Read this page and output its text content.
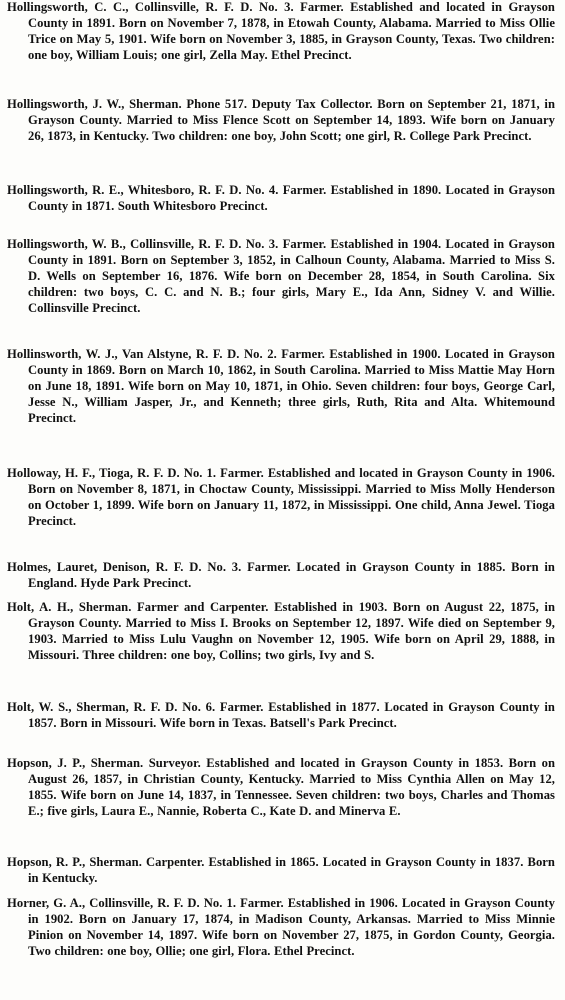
Hollingsworth, C. C., Collinsville, R. F. D. No. 3. Farmer. Established and located in Grayson County in 1891. Born on November 7, 1878, in Etowah County, Alabama. Married to Miss Ollie Trice on May 5, 1901. Wife born on November 3, 1885, in Grayson County, Texas. Two children: one boy, William Louis; one girl, Zella May. Ethel Precinct.

Hollingsworth, J. W., Sherman. Phone 517. Deputy Tax Collector. Born on September 21, 1871, in Grayson County. Married to Miss Flence Scott on September 14, 1893. Wife born on January 26, 1873, in Kentucky. Two children: one boy, John Scott; one girl, R. College Park Precinct.

Hollingsworth, R. E., Whitesboro, R. F. D. No. 4. Farmer. Established in 1890. Located in Grayson County in 1871. South Whitesboro Precinct.

Hollingsworth, W. B., Collinsville, R. F. D. No. 3. Farmer. Established in 1904. Located in Grayson County in 1891. Born on September 3, 1852, in Calhoun County, Alabama. Married to Miss S. D. Wells on September 16, 1876. Wife born on December 28, 1854, in South Carolina. Six children: two boys, C. C. and N. B.; four girls, Mary E., Ida Ann, Sidney V. and Willie. Collinsville Precinct.

Hollinsworth, W. J., Van Alstyne, R. F. D. No. 2. Farmer. Established in 1900. Located in Grayson County in 1869. Born on March 10, 1862, in South Carolina. Married to Miss Mattie May Horn on June 18, 1891. Wife born on May 10, 1871, in Ohio. Seven children: four boys, George Carl, Jesse N., William Jasper, Jr., and Kenneth; three girls, Ruth, Rita and Alta. Whitemound Precinct.

Holloway, H. F., Tioga, R. F. D. No. 1. Farmer. Established and located in Grayson County in 1906. Born on November 8, 1871, in Choctaw County, Mississippi. Married to Miss Molly Henderson on October 1, 1899. Wife born on January 11, 1872, in Mississippi. One child, Anna Jewel. Tioga Precinct.

Holmes, Lauret, Denison, R. F. D. No. 3. Farmer. Located in Grayson County in 1885. Born in England. Hyde Park Precinct.

Holt, A. H., Sherman. Farmer and Carpenter. Established in 1903. Born on August 22, 1875, in Grayson County. Married to Miss I. Brooks on September 12, 1897. Wife died on September 9, 1903. Married to Miss Lulu Vaughn on November 12, 1905. Wife born on April 29, 1888, in Missouri. Three children: one boy, Collins; two girls, Ivy and S.

Holt, W. S., Sherman, R. F. D. No. 6. Farmer. Established in 1877. Located in Grayson County in 1857. Born in Missouri. Wife born in Texas. Batsell's Park Precinct.

Hopson, J. P., Sherman. Surveyor. Established and located in Grayson County in 1853. Born on August 26, 1857, in Christian County, Kentucky. Married to Miss Cynthia Allen on May 12, 1855. Wife born on June 14, 1837, in Tennessee. Seven children: two boys, Charles and Thomas E.; five girls, Laura E., Nannie, Roberta C., Kate D. and Minerva E.

Hopson, R. P., Sherman. Carpenter. Established in 1865. Located in Grayson County in 1837. Born in Kentucky.

Horner, G. A., Collinsville, R. F. D. No. 1. Farmer. Established in 1906. Located in Grayson County in 1902. Born on January 17, 1874, in Madison County, Arkansas. Married to Miss Minnie Pinion on November 14, 1897. Wife born on November 27, 1875, in Gordon County, Georgia. Two children: one boy, Ollie; one girl, Flora. Ethel Precinct.
